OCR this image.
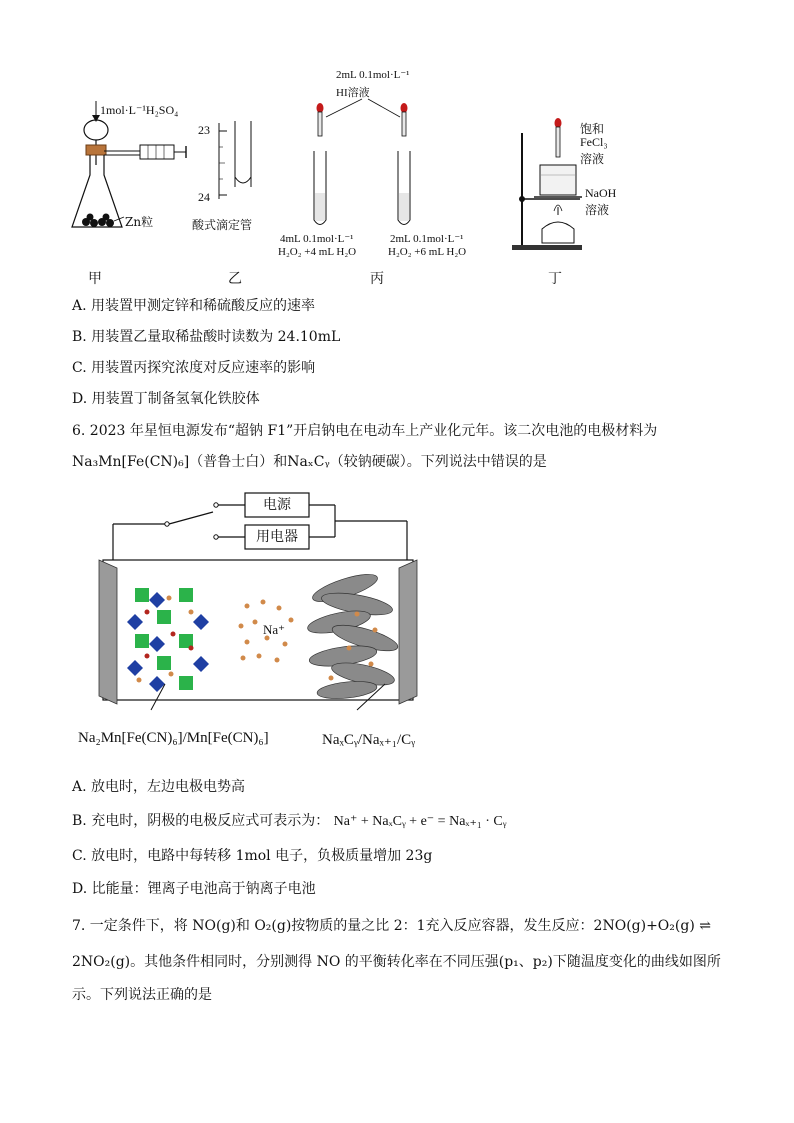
1mol·L⁻¹H₂SO₄
Zn粒
甲
23
24
酸式滴定管
乙
2mL 0.1mol·L⁻¹
HI溶液
4mL 0.1mol·L⁻¹
H₂O₂ +4 mL H₂O
2mL 0.1mol·L⁻¹
H₂O₂ +6 mL H₂O
丙
饱和
FeCl₃
溶液
NaOH
溶液
丁
A. 用装置甲测定锌和稀硫酸反应的速率
B. 用装置乙量取稀盐酸时读数为 24.10mL
C. 用装置丙探究浓度对反应速率的影响
D. 用装置丁制备氢氧化铁胶体
6. 2023 年星恒电源发布“超钠 F1”开启钠电在电动车上产业化元年。该二次电池的电极材料为
Na₃Mn[Fe(CN)₆]（普鲁士白）和NaₓCᵧ（较钠硬碳）。下列说法中错误的是
电源
用电器
Na⁺
Na₂Mn[Fe(CN)₆]/Mn[Fe(CN)₆]	NaₓCᵧ/Naₓ₊₁/Cᵧ
A. 放电时，左边电极电势高
B. 充电时，阴极的电极反应式可表示为： Na⁺ + NaₓCᵧ + e⁻ = Naₓ₊₁ · Cᵧ
C. 放电时，电路中每转移 1mol 电子，负极质量增加 23g
D. 比能量：锂离子电池高于钠离子电池
7. 一定条件下，将 NO(g)和 O₂(g)按物质的量之比 2：1充入反应容器，发生反应：2NO(g)+O₂(g) ⇌
2NO₂(g)。其他条件相同时，分别测得 NO 的平衡转化率在不同压强(p₁、p₂)下随温度变化的曲线如图所
示。下列说法正确的是
